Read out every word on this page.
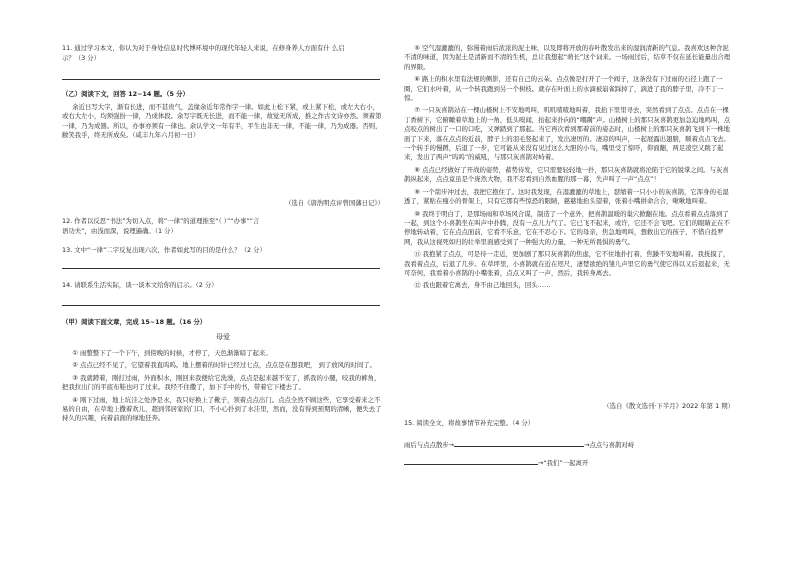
11. 通过学习本文，你认为对于身处信息时代博环境中的现代年轻人来说，在修身养人方面有什 么启

示？（3 分）

（乙）阅读下文，回答 12~14 题。（5 分）

余近日写大字，渐有长进，而不甚贵气，盖缘余近年常作字一律。如此上松下紧，或上紧下松，或左大右小，或右大左小，均须强扮一律，乃成体段。余写字既无长进，而不能一律，故觉无所成，推之作古文诗亦然。须着第一律，乃为成器。所以，办事亦须有一律也。余认学文一年有半，平生也非无一律，不能一律，乃为成器。否则， 敝笑我乎，终无所成矣。（咸丰九年六月初一日）

（选自《唐浩明点评曾国藩日记》）

12. 作者以反思“书法”为切入点，将“一律”的道理推至“（ ）”“办事”“言

语功夫”，由浅而深，说理遍确。（1 分）

13. 文中“一律”二字反复出现六次，作者如此写的目的是什么？（2 分）

14. 请联系生活实际，谈一谈本文给你的启示。（2 分）

（甲）阅读下面文章，完成 15~18 题。（16 分）

母爱

① 雨整整下了一个下午，到傍晚的时候，才停了，天色渐渐暗了起来。

② 点点已经不见了，它望着我直呜呜。地上摆着的时针已经过七点，点点是在想我吧， 到了放风的时间了。

③ 我就蹲着，刚打过雨，外面积水，刚回来我便给它洗澡，点点是起来越不安了，抓我的小腿，咬我的裤角，把我拉出门的平底布鞋也叼了过来。我经不住撒了，加下手中的书，带着它下楼去了。

④ 刚下过雨，地上坑洼之处净是水，我只好换上了靴子，领着点点出门。点点全然不顾这些，它享受着来之不易的自由，在草地上撒着欢儿，超到邻居家的门口，不小心扑到了水洼里，然而，没有得到预期的清晰，便失去了持久的兴趣，向着前面的绿地狂奔。

⑤ 空气湿漉漉的，弥漫着雨后浓浓的泥土味，以及即将开放的春叶散发出来的湿润清新的气息。我喜欢这种含泥不清的味道，因为泥土是清新而不清的生机，总让我想起“萌长”这个词来。一场雨过后，结草不仅在延长能量出合理的界限。

⑥ 路上的积水里有法规的侧影，还有自己的云朵。点点像是打开了一个阀子，这条没有下过雨的石径上跑了一圈，它们水叶着，从一个转我跑到另一个树枝。就存在叶面上的水滴被崩雀踩掉了，滴进了我的脖子里，冷不丁一惊。

⑦ 一只灰喜鹊站在一棵山楂树上不安地鸣叫，叽叽喳喳地叫着，我抬下里里寻去，突然看到了点点。点点在一棵丁香树下，它俯瞰着草地上的一角，低头嗅闻，抬起来扑向的“嘲蹒”声。山楂树上的那只灰喜鹊更加急迫地鸣叫，点点咬点的树出了一口的口吃，又弹踏到了那起。当它再次看到那着前的姿态时，山楂树上的那只灰喜鹊飞到下一株地面了下来，落在点点的近前，脖子上的羽毛竖起来了，发出凄厉的、凄凉的叫声，一起展露出翅膀，顺着点点飞去。一个转手的慢蹲，后退了一步，它可能从来没有见过这么大胆的小鸟，嘴里受了惊吓，仰面翻，两足凌空又跳了起来，发出了两声“呜呜”的威吼，与那只灰喜鹊对峙着。

⑧ 点点已经做好了开战的姿势，蓄势待发，它只需要轻轻地一扑，那只灰喜鹊就将沦陷于它的锐掌之间。与灰喜鹊纵起来，点点竟虽是个庞然大物，我不忍看到自然血腥的那一幕，失声叫了一声“点点”！

⑨ 一个箭步冲过去，我把它抱住了。这时我发现，在湿漉漉的草地上，瑟缩着一只小小的灰喜鹊，它浑身的毛湿透了，紧贴在瘦小的骨架上，只有它那有些惊恐的眼睛，慈慈地抬头望着，张着小嘴拼命合合，啾啾地叫着。

⑩ 我终于明白了，是那场雨和草场风合谋，制造了一个意外，把喜鹊温暖的巢穴掀翻在地。点点看着点点落到了一起，到这个小喜鹊坐在叫声中扑腾，没有一点儿力气了。它已飞不起来，或许，它还不会飞吧。它们的眼睛正在不停地转动着，它在点点面前，它看不乐意，它在不忍心下。它的母亲，焦急地鸣叫，想救出它的孩子，不惜自投罗网，我从这视死如归的壮举里面感受到了一种强大的力量，一种无所畏惧的勇气。

⑪ 我抱紧了点点，可是待一走近，更加剧了那只灰喜鹊的焦虑，它不住地扑打着，焦躁不安地叫着。我抚摸了，我看着点点，后退了几步。在草坪里，小喜鹊就在近在咫尺，凄楚欲绝的雏儿声里它的勇气使它得以又后退起来，无可奈何，我看着小喜鹊的小嘴张着，点点又叫了一声，然后，我转身离去。

⑫ 我也跟着它离去，身不由己地回头，回头……

（选自《散文选刊·下半月》2022 年第 1 期）

15. 阅读全文，将故事情节补充完整。（4 分）

雨后与点点散步→	→点点与喜鹊对峙
→“我们”一起离开
